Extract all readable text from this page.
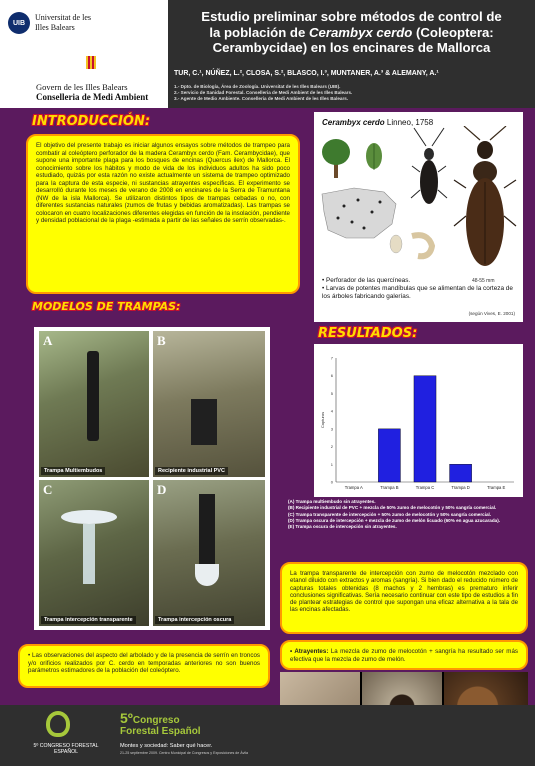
UIB
Universitat de les
Illes Balears
Govern de les Illes Balears
Conselleria de Medi Ambient
Estudio preliminar sobre métodos de control de
la población de Cerambyx cerdo (Coleoptera:
Cerambycidae) en los encinares de Mallorca
TUR, C.¹, NÚÑEZ, L.², CLOSA, S.², BLASCO, I.³, MUNTANER, A.³ & ALEMANY, A.¹
1.- Dpto. de Biología, Área de Zoología. Universitat de les Illes Balears (UIB).
2.- Servicio de Sanidad Forestal. Conselleria de Medi Ambient de les Illes Balears.
3.- Agente de Medio Ambiente. Conselleria de Medi Ambient de les Illes Balears.
INTRODUCCIÓN:
El objetivo del presente trabajo es iniciar algunos ensayos sobre métodos de trampeo para combatir al coleóptero perforador de la madera Cerambyx cerdo (Fam. Cerambycidae), que supone una importante plaga para los bosques de encinas (Quercus ilex) de Mallorca. El conocimiento sobre los hábitos y modo de vida de los individuos adultos ha sido poco estudiado, quizás por esta razón no existe actualmente un sistema de trampeo optimizado para la captura de esta especie, ni sustancias atrayentes específicas. El experimento se desarrolló durante los meses de verano de 2008 en encinares de la Serra de Tramuntana (NW de la isla Mallorca). Se utilizaron distintos tipos de trampas cebadas o no, con diferentes sustancias naturales (zumos de frutas y bebidas aromatizadas). Las trampas se colocaron en cuatro localizaciones diferentes elegidas en función de la insolación, pendiente y densidad poblacional de la plaga -estimada a partir de las señales de serrín observadas-.
Cerambyx cerdo Linneo, 1758
48-55 mm
• Perforador de las quercíneas.
• Larvas de potentes mandíbulas que se alimentan de la corteza de los árboles fabricando galerías.
(según Vives, E. 2001)
MODELOS DE TRAMPAS:
A
Trampa Multiembudos
B
Recipiente industrial PVC
C
Trampa intercepción transparente
D
Trampa intercepción oscura
RESULTADOS:
0
1
2
3
4
5
6
7
Capturas
Trampa A	Trampa B	Trampa C	Trampa D	Trampa E
(A) Trampa multiembudo sin atrayentes.
(B) Recipiente industrial de PVC + mezcla de 50% zumo de melocotón y 50% sangría comercial.
(C) Trampa transparente de intercepción + 50% zumo de melocotón y 50% sangría comercial.
(D) Trampa oscura de intercepción + mezcla de zumo de melón licuado (60% en agua azucarada).
(E) Trampa oscura de intercepción sin atrayentes.
La trampa transparente de intercepción con zumo de melocotón mezclado con etanol diluido con extractos y aromas (sangría). Si bien dado el reducido número de capturas totales obtenidas (8 machos y 2 hembras) es prematuro inferir conclusiones significativas. Sería necesario continuar con este tipo de estudios a fin de plantear estrategias de control que supongan una eficaz alternativa a la tala de las encinas afectadas.
• Las observaciones del aspecto del arbolado y de la presencia de serrín en troncos y/o orificios realizados por C. cerdo en temporadas anteriores no son buenos parámetros estimadores de la población del coleóptero.
• Atrayentes: La mezcla de zumo de melocotón + sangría ha resultado ser más efectiva que la mezcla de zumo de melón.
5º CONGRESO FORESTAL ESPAÑOL
5ºCongreso
Forestal Español
Montes y sociedad: Saber qué hacer.
21-25 septiembre 2009. Centro Municipal de Congresos y Exposiciones de Ávila
